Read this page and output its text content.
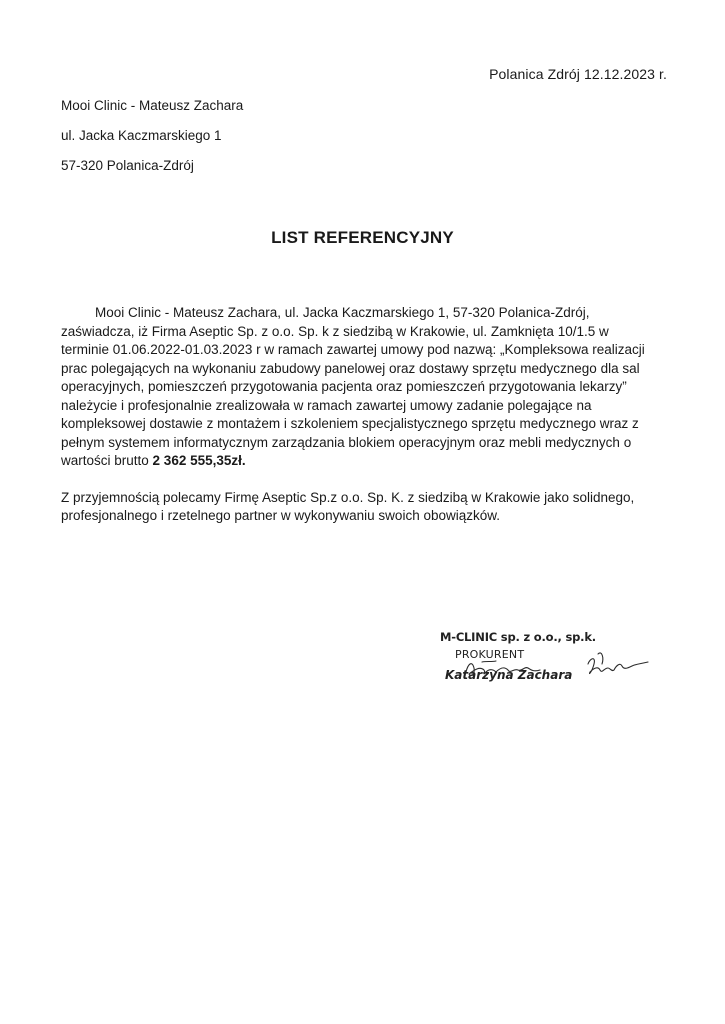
Polanica Zdrój 12.12.2023 r.
Mooi Clinic - Mateusz Zachara
ul. Jacka Kaczmarskiego 1
57-320 Polanica-Zdrój
LIST REFERENCYJNY

Mooi Clinic - Mateusz Zachara, ul. Jacka Kaczmarskiego 1, 57-320 Polanica-Zdrój, zaświadcza, iż Firma Aseptic Sp. z o.o. Sp. k z siedzibą w Krakowie, ul. Zamknięta 10/1.5 w terminie 01.06.2022-01.03.2023 r w ramach zawartej umowy pod nazwą: „Kompleksowa realizacji prac polegających na wykonaniu zabudowy panelowej oraz dostawy sprzętu medycznego dla sal operacyjnych, pomieszczeń przygotowania pacjenta oraz pomieszczeń przygotowania lekarzy”

należycie i profesjonalnie zrealizowała w ramach zawartej umowy zadanie polegające na kompleksowej dostawie z montażem i szkoleniem specjalistycznego sprzętu medycznego wraz z pełnym systemem informatycznym zarządzania blokiem operacyjnym oraz mebli medycznych o wartości brutto 2 362 555,35zł.

Z przyjemnością polecamy Firmę Aseptic Sp.z o.o. Sp. K. z siedzibą w Krakowie jako solidnego, profesjonalnego i rzetelnego partner w wykonywaniu swoich obowiązków.

M-CLINIC sp. z o.o., sp.k.
PROKURENT
Katarzyna Zachara
